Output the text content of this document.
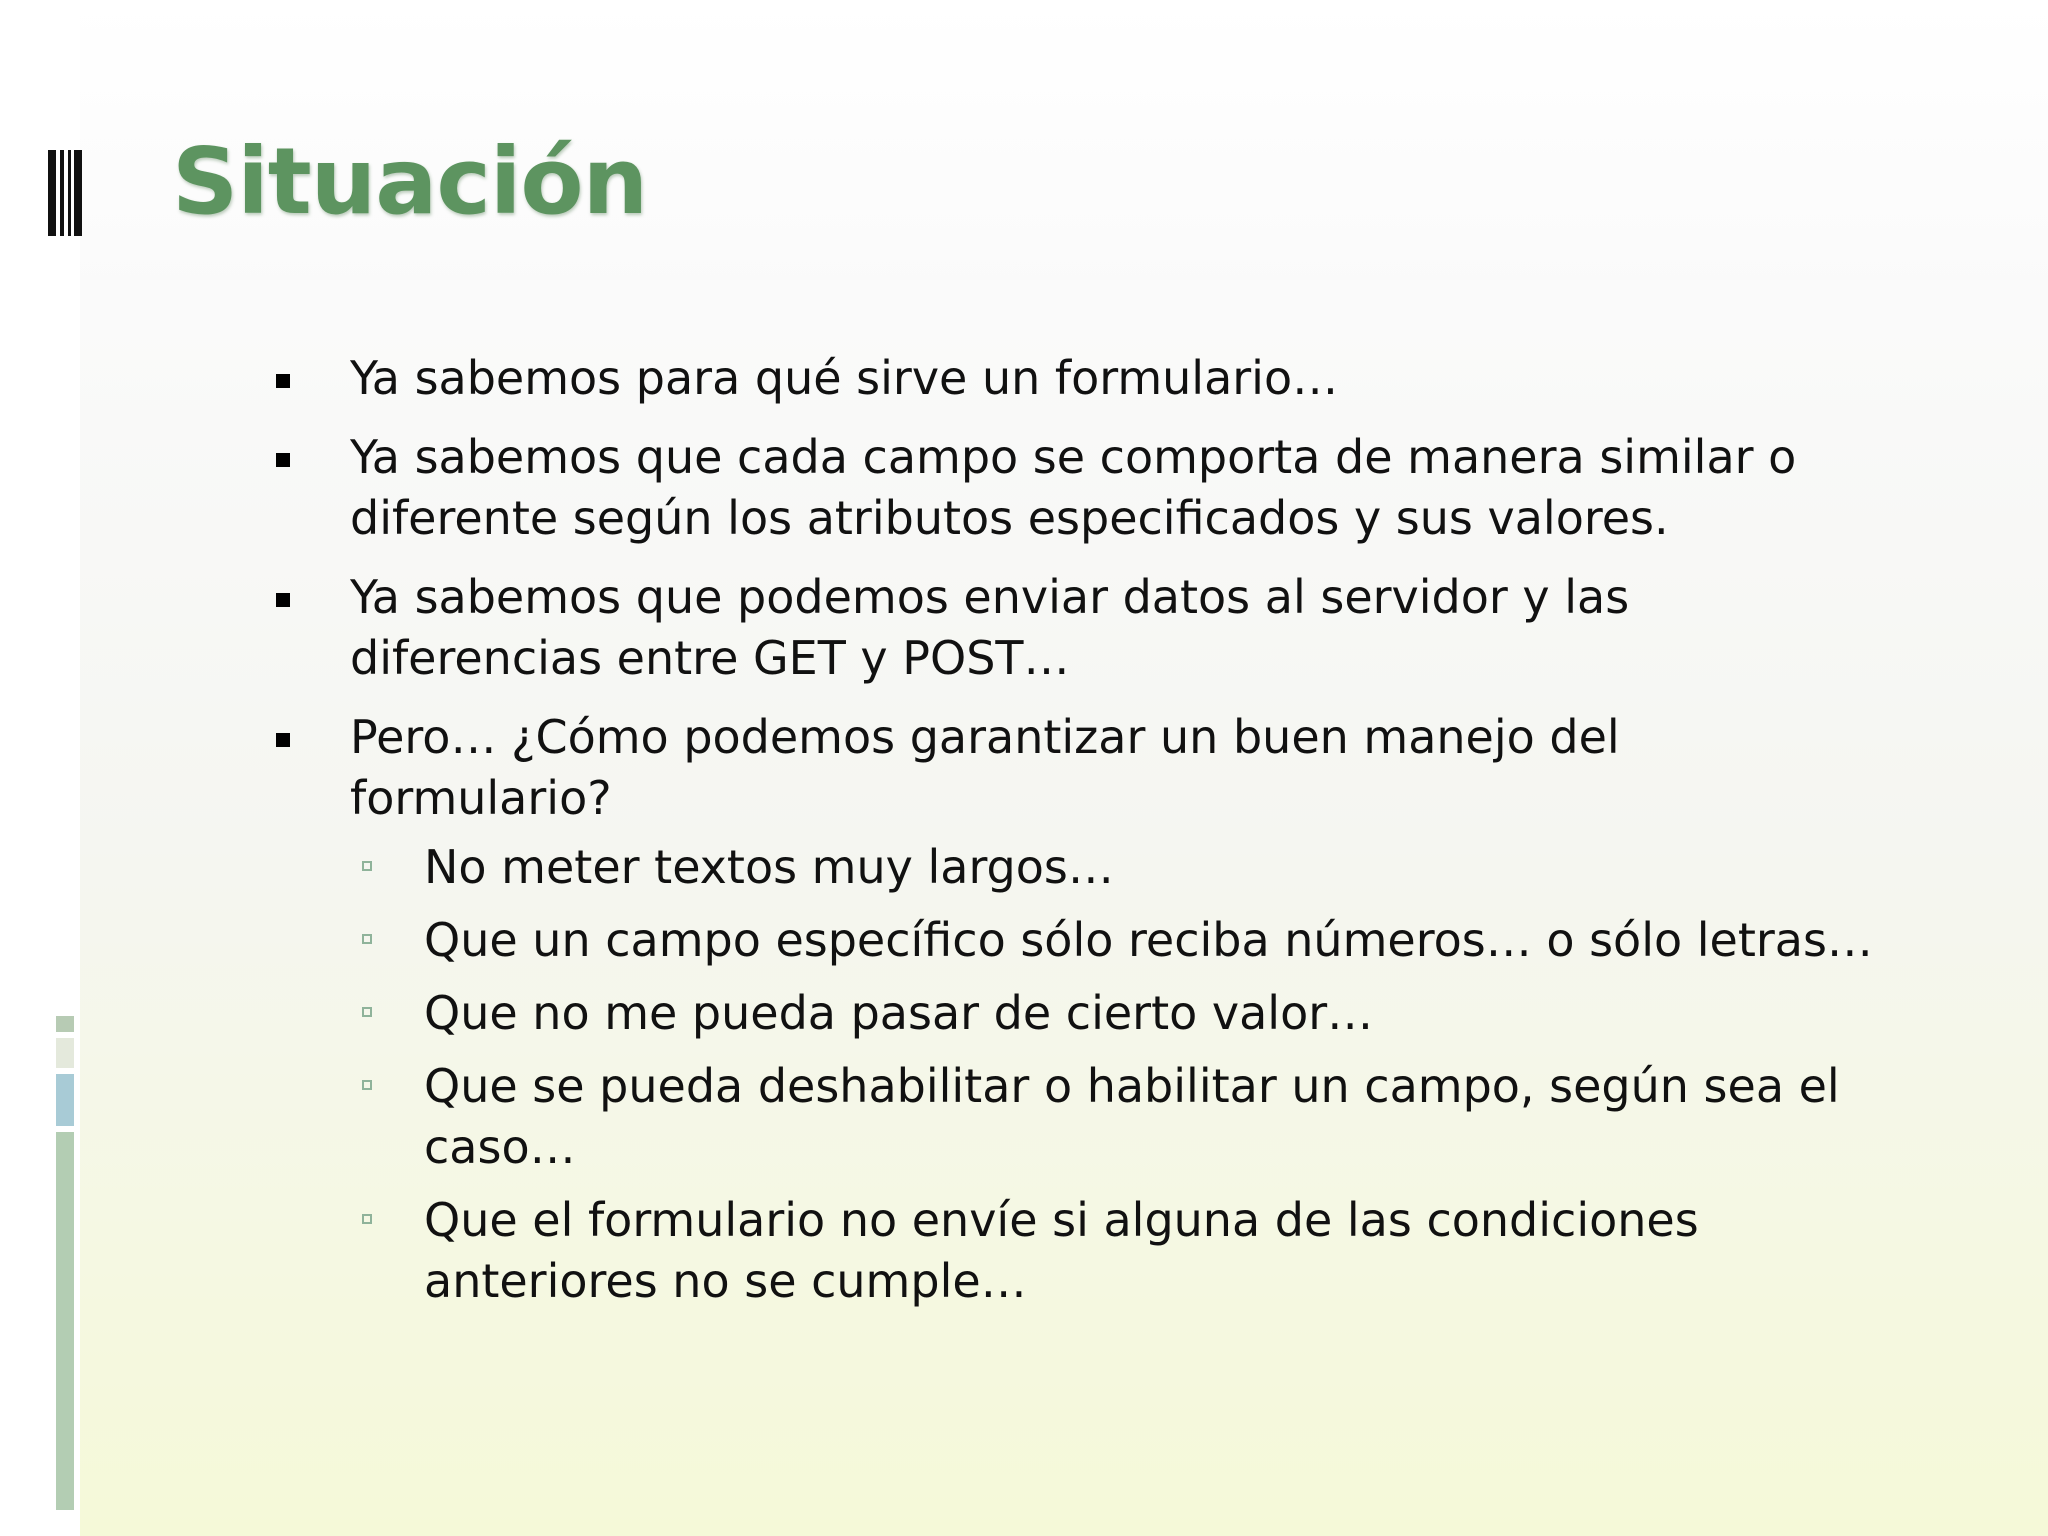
Situación
Ya sabemos para qué sirve un formulario…
Ya sabemos que cada campo se comporta de manera similar o diferente según los atributos especificados y sus valores.
Ya sabemos que podemos enviar datos al servidor y las diferencias entre GET y POST…
Pero… ¿Cómo podemos garantizar un buen manejo del formulario?
No meter textos muy largos…
Que un campo específico sólo reciba números… o sólo letras…
Que no me pueda pasar de cierto valor…
Que se pueda deshabilitar o habilitar un campo, según sea el caso…
Que el formulario no envíe si alguna de las condiciones anteriores no se cumple…
